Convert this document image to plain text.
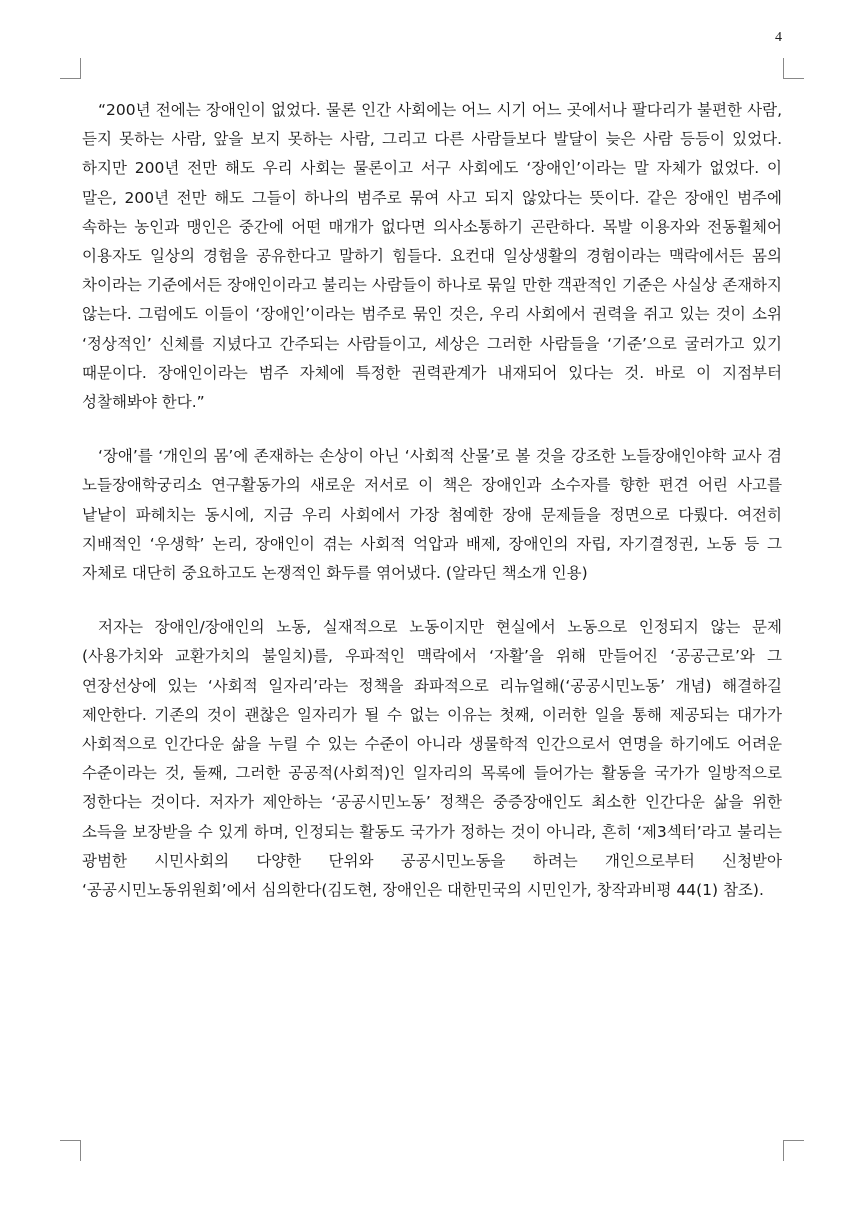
4

“200년 전에는 장애인이 없었다. 물론 인간 사회에는 어느 시기 어느 곳에서나 팔다리가 불편한 사람, 듣지 못하는 사람, 앞을 보지 못하는 사람, 그리고 다른 사람들보다 발달이 늦은 사람 등등이 있었다. 하지만 200년 전만 해도 우리 사회는 물론이고 서구 사회에도 ‘장애인’이라는 말 자체가 없었다. 이 말은, 200년 전만 해도 그들이 하나의 범주로 묶여 사고 되지 않았다는 뜻이다. 같은 장애인 범주에 속하는 농인과 맹인은 중간에 어떤 매개가 없다면 의사소통하기 곤란하다. 목발 이용자와 전동휠체어 이용자도 일상의 경험을 공유한다고 말하기 힘들다. 요컨대 일상생활의 경험이라는 맥락에서든 몸의 차이라는 기준에서든 장애인이라고 불리는 사람들이 하나로 묶일 만한 객관적인 기준은 사실상 존재하지 않는다. 그럼에도 이들이 ‘장애인’이라는 범주로 묶인 것은, 우리 사회에서 권력을 쥐고 있는 것이 소위 ‘정상적인’ 신체를 지녔다고 간주되는 사람들이고, 세상은 그러한 사람들을 ‘기준’으로 굴러가고 있기 때문이다. 장애인이라는 범주 자체에 특정한 권력관계가 내재되어 있다는 것. 바로 이 지점부터 성찰해봐야 한다.”

‘장애’를 ‘개인의 몸’에 존재하는 손상이 아닌 ‘사회적 산물’로 볼 것을 강조한 노들장애인야학 교사 겸 노들장애학궁리소 연구활동가의 새로운 저서로 이 책은 장애인과 소수자를 향한 편견 어린 사고를 낱낱이 파헤치는 동시에, 지금 우리 사회에서 가장 첨예한 장애 문제들을 정면으로 다뤘다. 여전히 지배적인 ‘우생학’ 논리, 장애인이 겪는 사회적 억압과 배제, 장애인의 자립, 자기결정권, 노동 등 그 자체로 대단히 중요하고도 논쟁적인 화두를 엮어냈다. (알라딘 책소개 인용)

저자는 장애인/장애인의 노동, 실재적으로 노동이지만 현실에서 노동으로 인정되지 않는 문제(사용가치와 교환가치의 불일치)를, 우파적인 맥락에서 ‘자활’을 위해 만들어진 ‘공공근로’와 그 연장선상에 있는 ‘사회적 일자리’라는 정책을 좌파적으로 리뉴얼해(‘공공시민노동’ 개념) 해결하길 제안한다. 기존의 것이 괜찮은 일자리가 될 수 없는 이유는 첫째, 이러한 일을 통해 제공되는 대가가 사회적으로 인간다운 삶을 누릴 수 있는 수준이 아니라 생물학적 인간으로서 연명을 하기에도 어려운 수준이라는 것, 둘째, 그러한 공공적(사회적)인 일자리의 목록에 들어가는 활동을 국가가 일방적으로 정한다는 것이다. 저자가 제안하는 ‘공공시민노동’ 정책은 중증장애인도 최소한 인간다운 삶을 위한 소득을 보장받을 수 있게 하며, 인정되는 활동도 국가가 정하는 것이 아니라, 흔히 ‘제3섹터’라고 불리는 광범한 시민사회의 다양한 단위와 공공시민노동을 하려는 개인으로부터 신청받아 ‘공공시민노동위원회’에서 심의한다(김도현, 장애인은 대한민국의 시민인가, 창작과비평 44(1) 참조).
